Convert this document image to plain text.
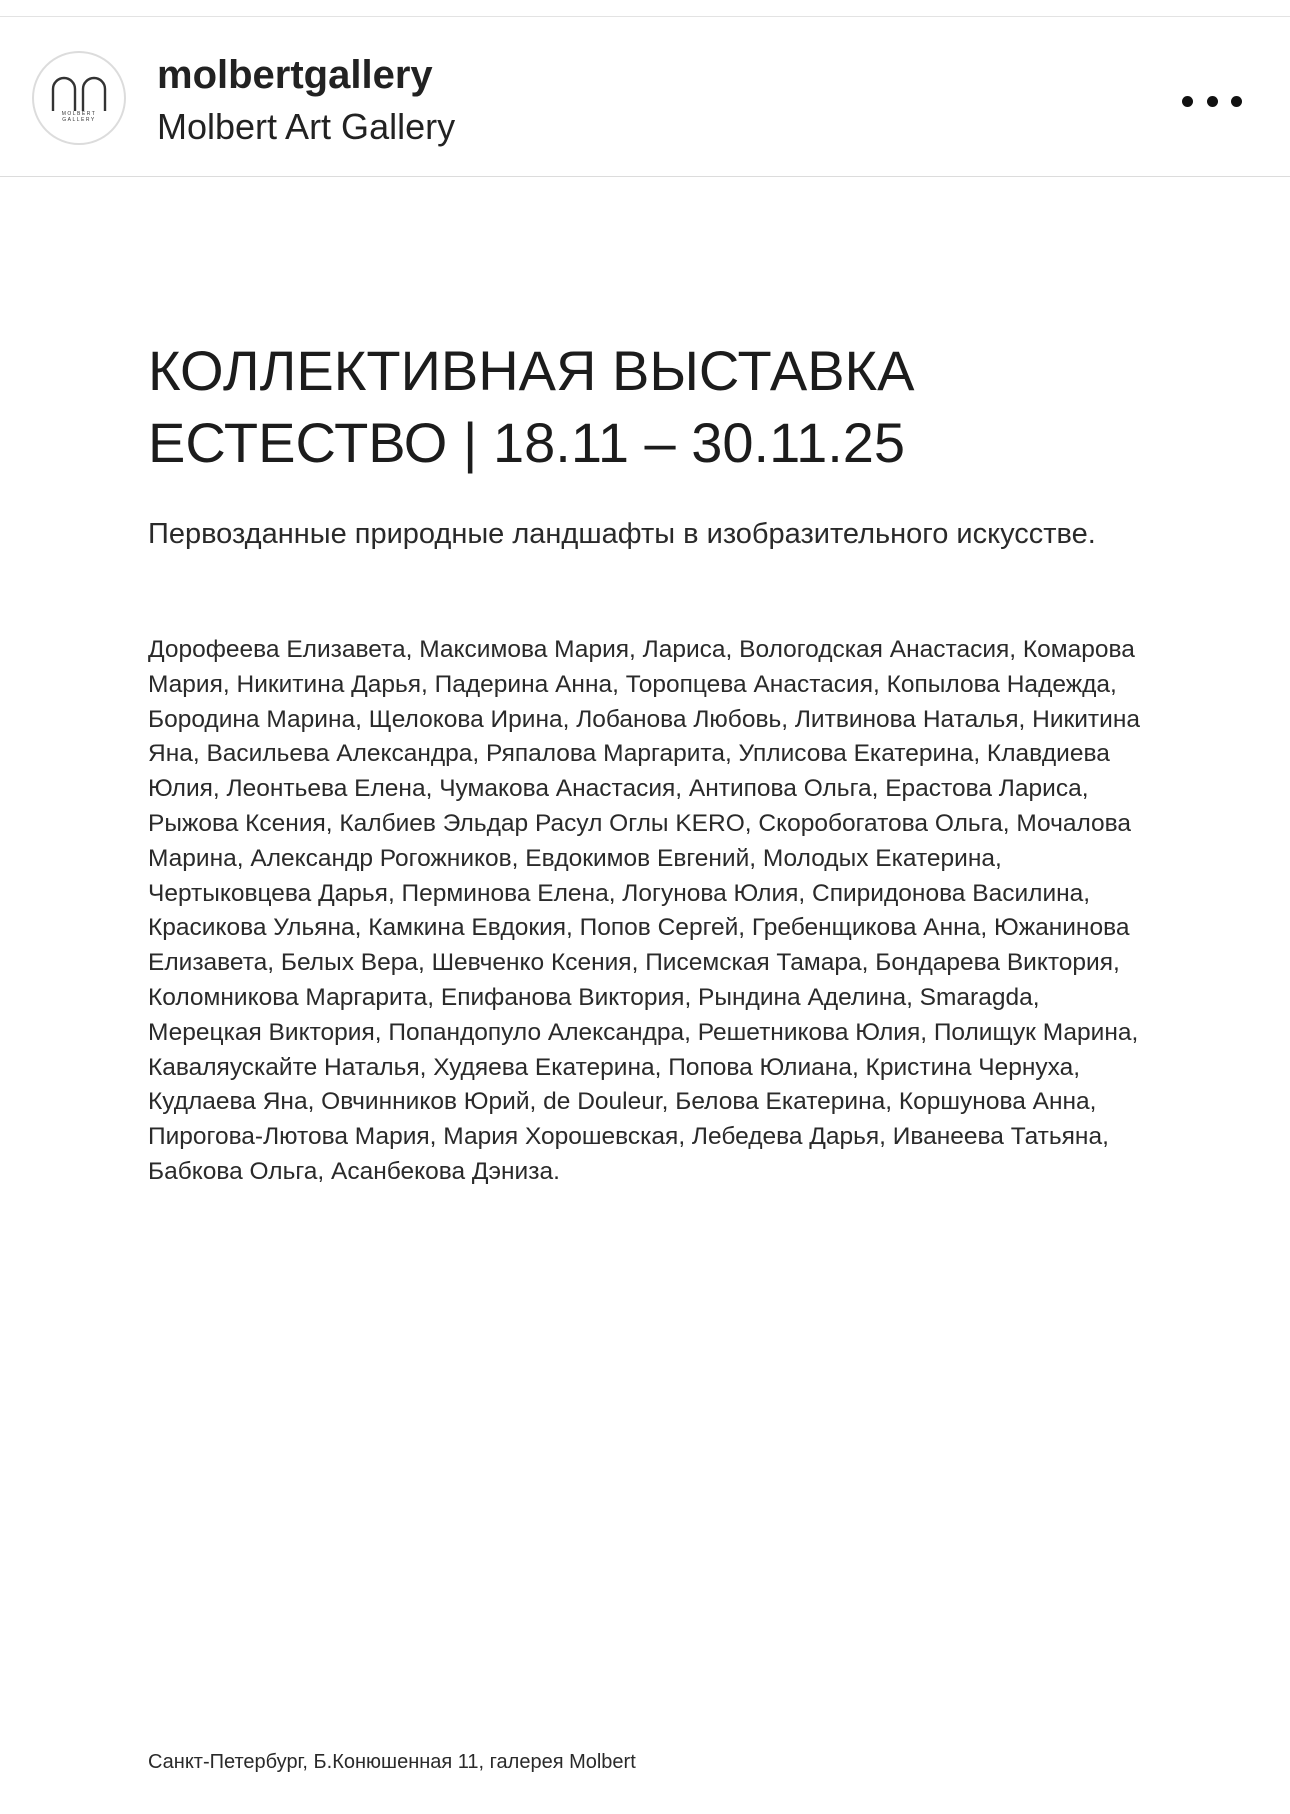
MOLBERT
GALLERY
molbertgallery
Molbert Art Gallery
КОЛЛЕКТИВНАЯ ВЫСТАВКА
ЕСТЕСТВО | 18.11 – 30.11.25

Первозданные природные ландшафты в изобразительного искусстве.

Дорофеева Елизавета, Максимова Мария, Лариса, Вологодская Анастасия, Комарова Мария, Никитина Дарья, Падерина Анна, Торопцева Анастасия, Копылова Надежда, Бородина Марина, Щелокова Ирина, Лобанова Любовь, Литвинова Наталья, Никитина Яна, Васильева Александра, Ряпалова Маргарита, Уплисова Екатерина, Клавдиева Юлия, Леонтьева Елена, Чумакова Анастасия, Антипова Ольга, Ерастова Лариса, Рыжова Ксения, Калбиев Эльдар Расул Оглы KERO, Скоробогатова Ольга, Мочалова Марина, Александр Рогожников, Евдокимов Евгений, Молодых Екатерина, Чертыковцева Дарья, Перминова Елена, Логунова Юлия, Спиридонова Василина, Красикова Ульяна, Камкина Евдокия, Попов Сергей, Гребенщикова Анна, Южанинова Елизавета, Белых Вера, Шевченко Ксения, Писемская Тамара, Бондарева Виктория, Коломникова Маргарита, Епифанова Виктория, Рындина Аделина, Smaragda, Мерецкая Виктория, Попандопуло Александра, Решетникова Юлия, Полищук Марина, Каваляускайте Наталья, Худяева Екатерина, Попова Юлиана, Кристина Чернуха, Кудлаева Яна, Овчинников Юрий, de Douleur, Белова Екатерина, Коршунова Анна, Пирогова-Лютова Мария, Мария Хорошевская, Лебедева Дарья, Иванеева Татьяна, Бабкова Ольга, Асанбекова Дэниза.

Санкт-Петербург, Б.Конюшенная 11, галерея Molbert
